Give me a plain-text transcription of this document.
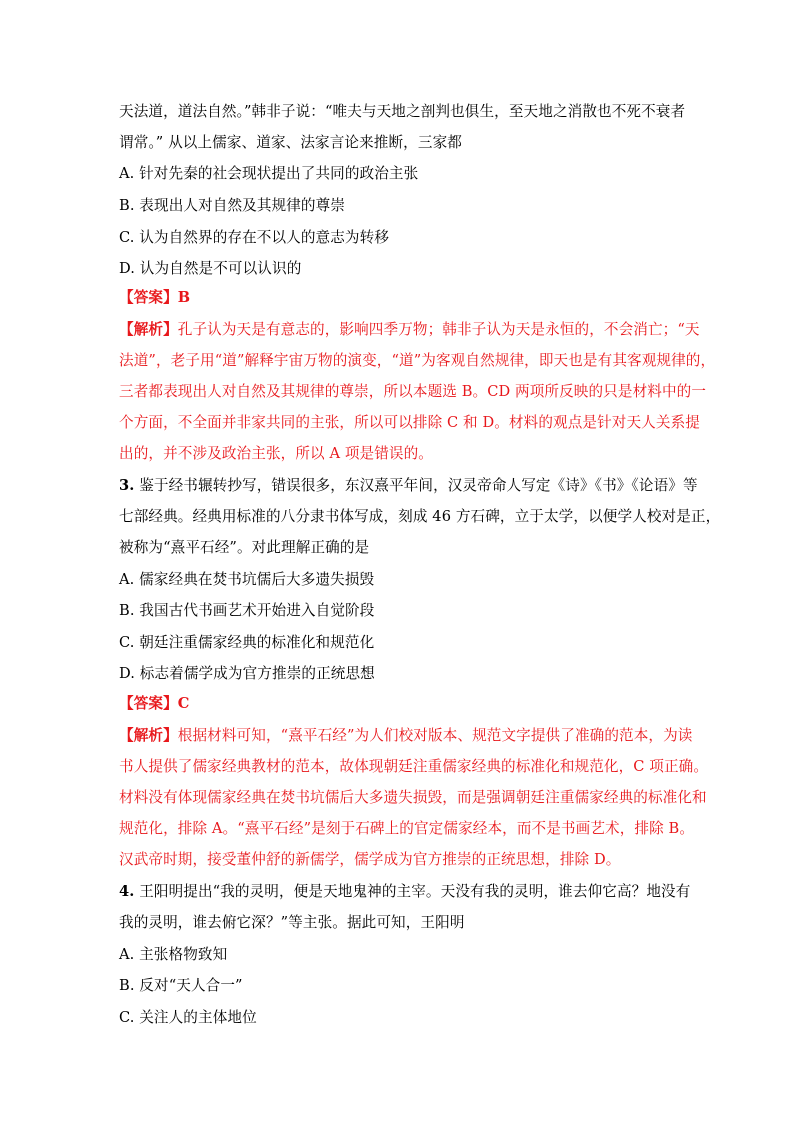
天法道，道法自然。”韩非子说：“唯夫与天地之剖判也俱生，至天地之消散也不死不衰者
谓常。” 从以上儒家、道家、法家言论来推断，三家都
A. 针对先秦的社会现状提出了共同的政治主张
B. 表现出人对自然及其规律的尊崇
C. 认为自然界的存在不以人的意志为转移
D. 认为自然是不可以认识的
【答案】B
【解析】孔子认为天是有意志的，影响四季万物；韩非子认为天是永恒的，不会消亡；“天
法道”，老子用“道”解释宇宙万物的演变，“道”为客观自然规律，即天也是有其客观规律的，
三者都表现出人对自然及其规律的尊崇，所以本题选 B。CD 两项所反映的只是材料中的一
个方面，不全面并非家共同的主张，所以可以排除 C 和 D。材料的观点是针对天人关系提
出的，并不涉及政治主张，所以 A 项是错误的。
3. 鉴于经书辗转抄写，错误很多，东汉熹平年间，汉灵帝命人写定《诗》《书》《论语》等
七部经典。经典用标准的八分隶书体写成，刻成 46 方石碑，立于太学，以便学人校对是正，
被称为“熹平石经”。对此理解正确的是
A. 儒家经典在焚书坑儒后大多遗失损毁
B. 我国古代书画艺术开始进入自觉阶段
C. 朝廷注重儒家经典的标准化和规范化
D. 标志着儒学成为官方推崇的正统思想
【答案】C
【解析】根据材料可知，“熹平石经”为人们校对版本、规范文字提供了准确的范本，为读
书人提供了儒家经典教材的范本，故体现朝廷注重儒家经典的标准化和规范化，C 项正确。
材料没有体现儒家经典在焚书坑儒后大多遗失损毁，而是强调朝廷注重儒家经典的标准化和
规范化，排除 A。“熹平石经”是刻于石碑上的官定儒家经本，而不是书画艺术，排除 B。
汉武帝时期，接受董仲舒的新儒学，儒学成为官方推崇的正统思想，排除 D。
4. 王阳明提出“我的灵明，便是天地鬼神的主宰。天没有我的灵明，谁去仰它高？地没有
我的灵明，谁去俯它深？”等主张。据此可知，王阳明
A. 主张格物致知
B. 反对“天人合一”
C. 关注人的主体地位
